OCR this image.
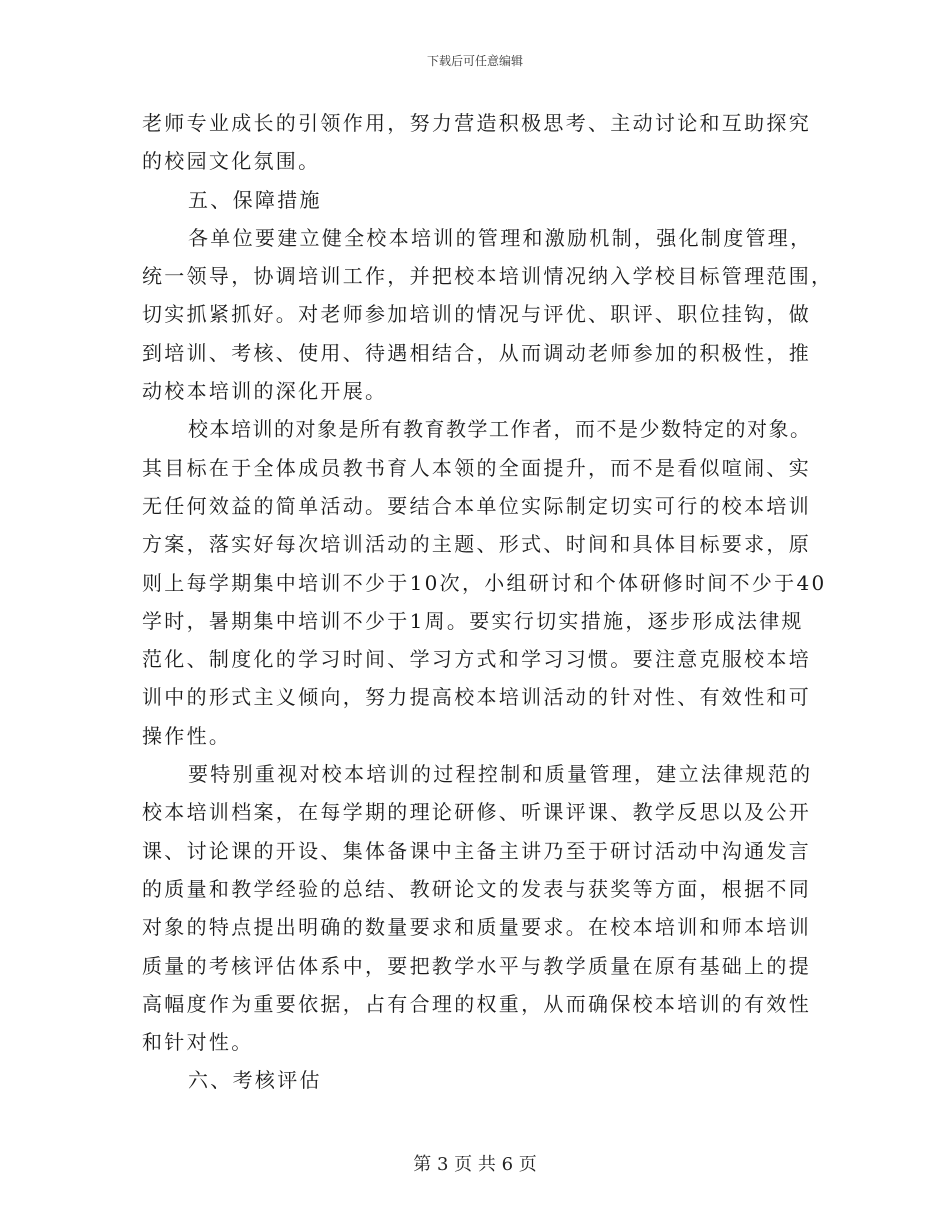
下载后可任意编辑
老师专业成长的引领作用，努力营造积极思考、主动讨论和互助探究
的校园文化氛围。
五、保障措施
各单位要建立健全校本培训的管理和激励机制，强化制度管理，
统一领导，协调培训工作，并把校本培训情况纳入学校目标管理范围，
切实抓紧抓好。对老师参加培训的情况与评优、职评、职位挂钩，做
到培训、考核、使用、待遇相结合，从而调动老师参加的积极性，推
动校本培训的深化开展。
校本培训的对象是所有教育教学工作者，而不是少数特定的对象。
其目标在于全体成员教书育人本领的全面提升，而不是看似喧闹、实
无任何效益的简单活动。要结合本单位实际制定切实可行的校本培训
方案，落实好每次培训活动的主题、形式、时间和具体目标要求，原
则上每学期集中培训不少于10次，小组研讨和个体研修时间不少于40
学时，暑期集中培训不少于1周。要实行切实措施，逐步形成法律规
范化、制度化的学习时间、学习方式和学习习惯。要注意克服校本培
训中的形式主义倾向，努力提高校本培训活动的针对性、有效性和可
操作性。
要特别重视对校本培训的过程控制和质量管理，建立法律规范的
校本培训档案，在每学期的理论研修、听课评课、教学反思以及公开
课、讨论课的开设、集体备课中主备主讲乃至于研讨活动中沟通发言
的质量和教学经验的总结、教研论文的发表与获奖等方面，根据不同
对象的特点提出明确的数量要求和质量要求。在校本培训和师本培训
质量的考核评估体系中，要把教学水平与教学质量在原有基础上的提
高幅度作为重要依据，占有合理的权重，从而确保校本培训的有效性
和针对性。
六、考核评估
第 3 页 共 6 页
